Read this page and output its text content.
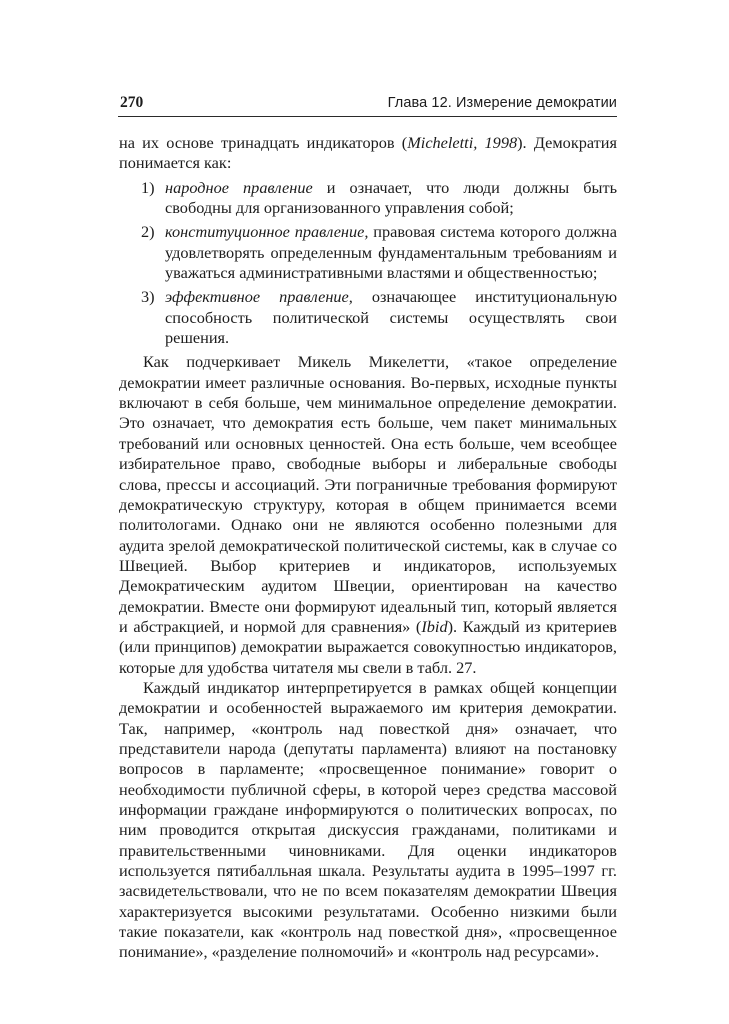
270	Глава 12. Измерение демократии

на их основе тринадцать индикаторов (Micheletti, 1998). Демократия понимается как:

1) народное правление и означает, что люди должны быть свободны для организованного управления собой;
2) конституционное правление, правовая система которого должна удовлетворять определенным фундаментальным требованиям и уважаться административными властями и общественностью;
3) эффективное правление, означающее институциональную способность политической системы осуществлять свои решения.

Как подчеркивает Микель Микелетти, «такое определение демократии имеет различные основания. Во-первых, исходные пункты включают в себя больше, чем минимальное определение демократии. Это означает, что демократия есть больше, чем пакет минимальных требований или основных ценностей. Она есть больше, чем всеобщее избирательное право, свободные выборы и либеральные свободы слова, прессы и ассоциаций. Эти пограничные требования формируют демократическую структуру, которая в общем принимается всеми политологами. Однако они не являются особенно полезными для аудита зрелой демократической политической системы, как в случае со Швецией. Выбор критериев и индикаторов, используемых Демократическим аудитом Швеции, ориентирован на качество демократии. Вместе они формируют идеальный тип, который является и абстракцией, и нормой для сравнения» (Ibid). Каждый из критериев (или принципов) демократии выражается совокупностью индикаторов, которые для удобства читателя мы свели в табл. 27.

Каждый индикатор интерпретируется в рамках общей концепции демократии и особенностей выражаемого им критерия демократии. Так, например, «контроль над повесткой дня» означает, что представители народа (депутаты парламента) влияют на постановку вопросов в парламенте; «просвещенное понимание» говорит о необходимости публичной сферы, в которой через средства массовой информации граждане информируются о политических вопросах, по ним проводится открытая дискуссия гражданами, политиками и правительственными чиновниками. Для оценки индикаторов используется пятибалльная шкала. Результаты аудита в 1995–1997 гг. засвидетельствовали, что не по всем показателям демократии Швеция характеризуется высокими результатами. Особенно низкими были такие показатели, как «контроль над повесткой дня», «просвещенное понимание», «разделение полномочий» и «контроль над ресурсами».
